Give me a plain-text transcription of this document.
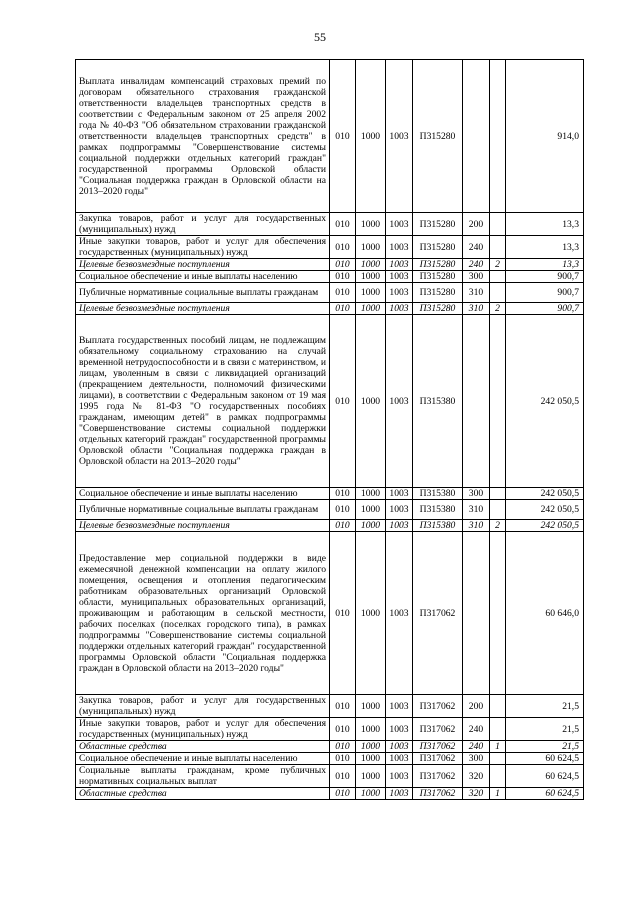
55
Выплата инвалидам компенсаций страховых премий по договорам обязательного страхования гражданской ответственности владельцев транспортных средств в соответствии с Федеральным законом от 25 апреля 2002 года № 40-ФЗ "Об обязательном страховании гражданской ответственности владельцев транспортных средств" в рамках подпрограммы "Совершенствование системы социальной поддержки отдельных категорий граждан" государственной программы Орловской области "Социальная поддержка граждан в Орловской области на 2013–2020 годы"	010	1000	1003	П315280			914,0
Закупка товаров, работ и услуг для государственных (муниципальных) нужд	010	1000	1003	П315280	200		13,3
Иные закупки товаров, работ и услуг для обеспечения государственных (муниципальных) нужд	010	1000	1003	П315280	240		13,3
Целевые безвозмездные поступления	010	1000	1003	П315280	240	2	13,3
Социальное обеспечение и иные выплаты населению	010	1000	1003	П315280	300		900,7
Публичные нормативные социальные выплаты гражданам	010	1000	1003	П315280	310		900,7
Целевые безвозмездные поступления	010	1000	1003	П315280	310	2	900,7
Выплата государственных пособий лицам, не подлежащим обязательному социальному страхованию на случай временной нетрудоспособности и в связи с материнством, и лицам, уволенным в связи с ликвидацией организаций (прекращением деятельности, полномочий физическими лицами), в соответствии с Федеральным законом от 19 мая 1995 года № 81-ФЗ "О государственных пособиях гражданам, имеющим детей" в рамках подпрограммы "Совершенствование системы социальной поддержки отдельных категорий граждан" государственной программы Орловской области "Социальная поддержка граждан в Орловской области на 2013–2020 годы"	010	1000	1003	П315380			242 050,5
Социальное обеспечение и иные выплаты населению	010	1000	1003	П315380	300		242 050,5
Публичные нормативные социальные выплаты гражданам	010	1000	1003	П315380	310		242 050,5
Целевые безвозмездные поступления	010	1000	1003	П315380	310	2	242 050,5
Предоставление мер социальной поддержки в виде ежемесячной денежной компенсации на оплату жилого помещения, освещения и отопления педагогическим работникам образовательных организаций Орловской области, муниципальных образовательных организаций, проживающим и работающим в сельской местности, рабочих поселках (поселках городского типа), в рамках подпрограммы "Совершенствование системы социальной поддержки отдельных категорий граждан" государственной программы Орловской области "Социальная поддержка граждан в Орловской области на 2013–2020 годы"	010	1000	1003	П317062			60 646,0
Закупка товаров, работ и услуг для государственных (муниципальных) нужд	010	1000	1003	П317062	200		21,5
Иные закупки товаров, работ и услуг для обеспечения государственных (муниципальных) нужд	010	1000	1003	П317062	240		21,5
Областные средства	010	1000	1003	П317062	240	1	21,5
Социальное обеспечение и иные выплаты населению	010	1000	1003	П317062	300		60 624,5
Социальные выплаты гражданам, кроме публичных нормативных социальных выплат	010	1000	1003	П317062	320		60 624,5
Областные средства	010	1000	1003	П317062	320	1	60 624,5
